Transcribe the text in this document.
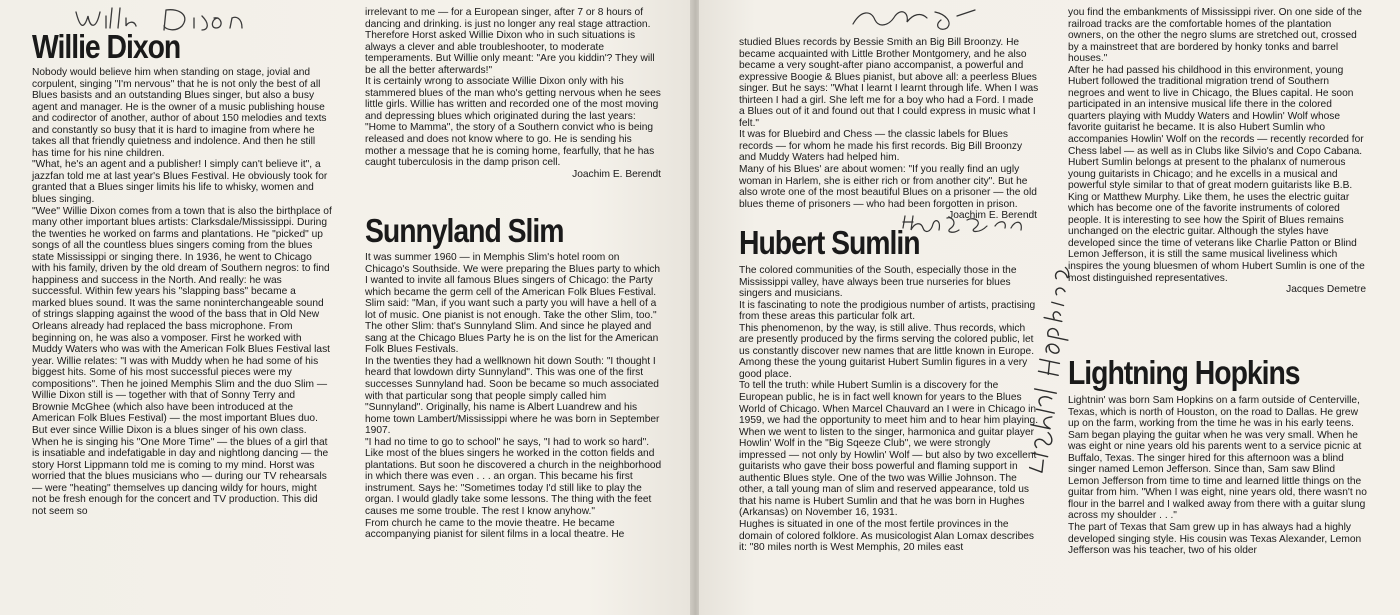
Willie Dixon

Nobody would believe him when standing on stage, jovial and corpulent, singing "I'm nervous" that he is not only the best of all Blues basists and an outstanding Blues singer, but also a busy agent and manager. He is the owner of a music publishing house and codirector of another, author of about 150 melodies and texts and constantly so busy that it is hard to imagine from where he takes all that friendly quietness and indolence. And then he still has time for his nine children.

"What, he's an agent and a publisher! I simply can't believe it", a jazzfan told me at last year's Blues Festival. He obviously took for granted that a Blues singer limits his life to whisky, women and blues singing.

"Wee" Willie Dixon comes from a town that is also the birthplace of many other important blues artists: Clarksdale/Mississippi. During the twenties he worked on farms and plantations. He "picked" up songs of all the countless blues singers coming from the blues state Mississippi or singing there. In 1936, he went to Chicago with his family, driven by the old dream of Southern negros: to find happiness and success in the North. And really: he was successful. Within few years his "slapping bass" became a marked blues sound. It was the same noninterchangeable sound of strings slapping against the wood of the bass that in Old New Orleans already had replaced the bass microphone. From beginning on, he was also a vomposer. First he worked with Muddy Waters who was with the American Folk Blues Festival last year. Willie relates: "I was with Muddy when he had some of his biggest hits. Some of his most successful pieces were my compositions". Then he joined Memphis Slim and the duo Slim — Willie Dixon still is — together with that of Sonny Terry and Brownie McGhee (which also have been introduced at the American Folk Blues Festival) — the most important Blues duo.

But ever since Willie Dixon is a blues singer of his own class. When he is singing his "One More Time" — the blues of a girl that is insatiable and indefatigable in day and nightlong dancing — the story Horst Lippmann told me is coming to my mind. Horst was worried that the blues musicians who — during our TV rehearsals — were "heating" themselves up dancing wildy for hours, might not be fresh enough for the concert and TV production. This did not seem so

irrelevant to me — for a European singer, after 7 or 8 hours of dancing and drinking. is just no longer any real stage attraction. Therefore Horst asked Willie Dixon who in such situations is always a clever and able troubleshooter, to moderate temperaments. But Willie only meant: "Are you kiddin'? They will be all the better afterwards!"

It is certainly wrong to associate Willie Dixon only with his stammered blues of the man who's getting nervous when he sees little girls. Willie has written and recorded one of the most moving and depressing blues which originated during the last years: "Home to Mamma", the story of a Southern convict who is being released and does not know where to go. He is sending his mother a message that he is coming home, fearfully, that he has caught tuberculosis in the damp prison cell.

Joachim E. Berendt

Sunnyland Slim

It was summer 1960 — in Memphis Slim's hotel room on Chicago's Southside. We were preparing the Blues party to which I wanted to invite all famous Blues singers of Chicago: the Party which became the germ cell of the American Folk Blues Festival. Slim said: "Man, if you want such a party you will have a hell of a lot of music. One pianist is not enough. Take the other Slim, too." The other Slim: that's Sunnyland Slim. And since he played and sang at the Chicago Blues Party he is on the list for the American Folk Blues Festivals.

In the twenties they had a wellknown hit down South: "I thought I heard that lowdown dirty Sunnyland". This was one of the first successes Sunnyland had. Soon be became so much associated with that particular song that people simply called him "Sunnyland". Originally, his name is Albert Luandrew and his home town Lambert/Mississippi where he was born in September 1907.

"I had no time to go to school" he says, "I had to work so hard". Like most of the blues singers he worked in the cotton fields and plantations. But soon he discovered a church in the neighborhood in which there was even . . . an organ. This became his first instrument. Says he: "Sometimes today I'd still like to play the organ. I would gladly take some lessons. The thing with the feet causes me some trouble. The rest I know anyhow."

From church he came to the movie theatre. He became accompanying pianist for silent films in a local theatre. He

studied Blues records by Bessie Smith an Big Bill Broonzy. He became acquainted with Little Brother Montgomery, and he also became a very sought-after piano accompanist, a powerful and expressive Boogie & Blues pianist, but above all: a peerless Blues singer. But he says: "What I learnt I learnt through life. When I was thirteen I had a girl. She left me for a boy who had a Ford. I made a Blues out of it and found out that I could express in music what I felt."

It was for Bluebird and Chess — the classic labels for Blues records — for whom he made his first records. Big Bill Broonzy and Muddy Waters had helped him.

Many of his Blues' are about women: "If you really find an ugly woman in Harlem, she is either rich or from another city". But he also wrote one of the most beautiful Blues on a prisoner — the old blues theme of prisoners — who had been forgotten in prison.

Joachim E. Berendt

Hubert Sumlin

The colored communities of the South, especially those in the Mississippi valley, have always been true nurseries for blues singers and musicians.

It is fascinating to note the prodigious number of artists, practising from these areas this particular folk art.

This phenomenon, by the way, is still alive. Thus records, which are presently produced by the firms serving the colored public, let us constantly discover new names that are little known in Europe. Among these the young guitarist Hubert Sumlin figures in a very good place.

To tell the truth: while Hubert Sumlin is a discovery for the European public, he is in fact well known for years to the Blues World of Chicago. When Marcel Chauvard an I were in Chicago in 1959, we had the opportunity to meet him and to hear him playing. When we went to listen to the singer, harmonica and guitar player Howlin' Wolf in the "Big Sqeeze Club", we were strongly impressed — not only by Howlin' Wolf — but also by two excellent guitarists who gave their boss powerful and flaming support in authentic Blues style. One of the two was Willie Johnson. The other, a tall young man of slim and reserved appearance, told us that his name is Hubert Sumlin and that he was born in Hughes (Arkansas) on November 16, 1931.

Hughes is situated in one of the most fertile provinces in the domain of colored folklore. As musicologist Alan Lomax describes it: "80 miles north is West Memphis, 20 miles east

you find the embankments of Mississippi river. On one side of the railroad tracks are the comfortable homes of the plantation owners, on the other the negro slums are stretched out, crossed by a mainstreet that are bordered by honky tonks and barrel houses."

After he had passed his childhood in this environment, young Hubert followed the traditional migration trend of Southern negroes and went to live in Chicago, the Blues capital. He soon participated in an intensive musical life there in the colored quarters playing with Muddy Waters and Howlin' Wolf whose favorite guitarist he became. It is also Hubert Sumlin who accompanies Howlin' Wolf on the records — recently recorded for Chess label — as well as in Clubs like Silvio's and Copo Cabana.

Hubert Sumlin belongs at present to the phalanx of numerous young guitarists in Chicago; and he excells in a musical and powerful style similar to that of great modern guitarists like B.B. King or Matthew Murphy. Like them, he uses the electric guitar which has become one of the favorite instruments of colored people. It is interesting to see how the Spirit of Blues remains unchanged on the electric guitar. Although the styles have developed since the time of veterans like Charlie Patton or Blind Lemon Jefferson, it is still the same musical liveliness which inspires the young bluesmen of whom Hubert Sumlin is one of the most distinguished representatives.

Jacques Demetre

Lightning Hopkins

Lightnin' was born Sam Hopkins on a farm outside of Centerville, Texas, which is north of Houston, on the road to Dallas. He grew up on the farm, working from the time he was in his early teens. Sam began playing the guitar when he was very small. When he was eight or nine years old his parents went to a service picnic at Buffalo, Texas. The singer hired for this afternoon was a blind singer named Lemon Jefferson. Since than, Sam saw Blind Lemon Jefferson from time to time and learned little things on the guitar from him. "When I was eight, nine years old, there wasn't no flour in the barrel and I walked away from there with a guitar slung across my shoulder . . ."

The part of Texas that Sam grew up in has always had a highly developed singing style. His cousin was Texas Alexander, Lemon Jefferson was his teacher, two of his older
